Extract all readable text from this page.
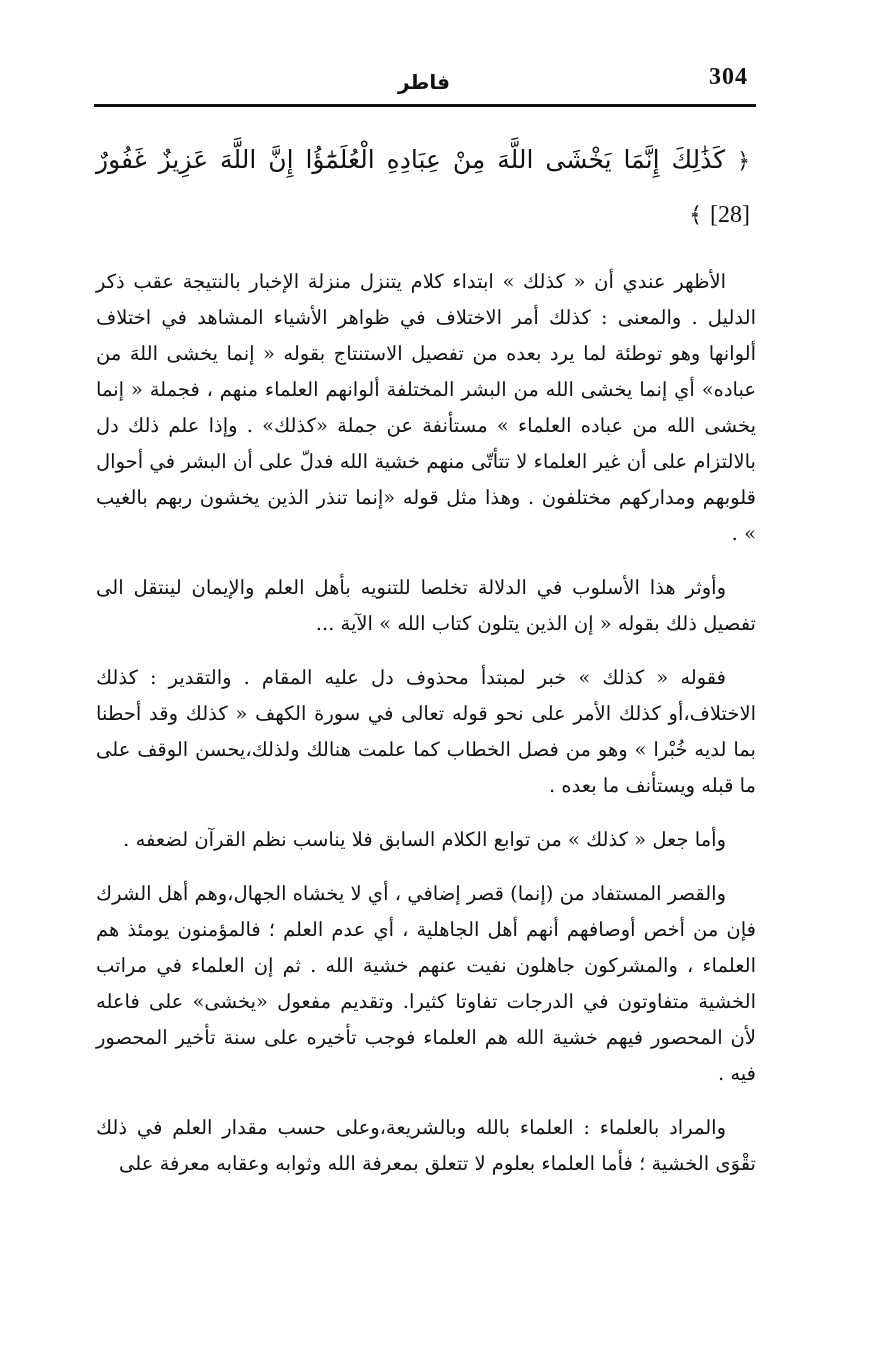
304
فاطر

﴿ كَذَٰلِكَ إِنَّمَا يَخْشَى اللَّهَ مِنْ عِبَادِهِ الْعُلَمَٰٓؤُا إِنَّ اللَّهَ عَزِيزٌ غَفُورٌ [28] ﴾

الأظهر عندي أن « كذلك » ابتداء كلام يتنزل منزلة الإخبار بالنتيجة عقب ذكر الدليل . والمعنى : كذلك أمر الاختلاف في ظواهر الأشياء المشاهد في اختلاف ألوانها وهو توطئة لما يرد بعده من تفصيل الاستنتاج بقوله « إنما يخشى اللهَ من عباده» أي إنما يخشى الله من البشر المختلفة ألوانهم العلماء منهم ، فجملة « إنما يخشى الله من عباده العلماء » مستأنفة عن جملة «كذلك» . وإذا علم ذلك دل بالالتزام على أن غير العلماء لا تتأتّى منهم خشية الله فدلّ على أن البشر في أحوال قلوبهم ومداركهم مختلفون . وهذا مثل قوله «إنما تنذر الذين يخشون ربهم بالغيب » .

وأوثر هذا الأسلوب في الدلالة تخلصا للتنويه بأهل العلم والإيمان لينتقل الى تفصيل ذلك بقوله « إن الذين يتلون كتاب الله » الآية ...

فقوله « كذلك » خبر لمبتدأ محذوف دل عليه المقام . والتقدير : كذلك الاختلاف،أو كذلك الأمر على نحو قوله تعالى في سورة الكهف « كذلك وقد أحطنا بما لديه خُبْرا » وهو من فصل الخطاب كما علمت هنالك ولذلك،يحسن الوقف على ما قبله ويستأنف ما بعده .

وأما جعل « كذلك » من توابع الكلام السابق فلا يناسب نظم القرآن لضعفه .

والقصر المستفاد من (إنما) قصر إضافي ، أي لا يخشاه الجهال،وهم أهل الشرك فإن من أخص أوصافهم أنهم أهل الجاهلية ، أي عدم العلم ؛ فالمؤمنون يومئذ هم العلماء ، والمشركون جاهلون نفيت عنهم خشية الله . ثم إن العلماء في مراتب الخشية متفاوتون في الدرجات تفاوتا كثيرا. وتقديم مفعول «يخشى» على فاعله لأن المحصور فيهم خشية الله هم العلماء فوجب تأخيره على سنة تأخير المحصور فيه .

والمراد بالعلماء : العلماء بالله وبالشريعة،وعلى حسب مقدار العلم في ذلك تقْوَى الخشية ؛ فأما العلماء بعلوم لا تتعلق بمعرفة الله وثوابه وعقابه معرفة على
